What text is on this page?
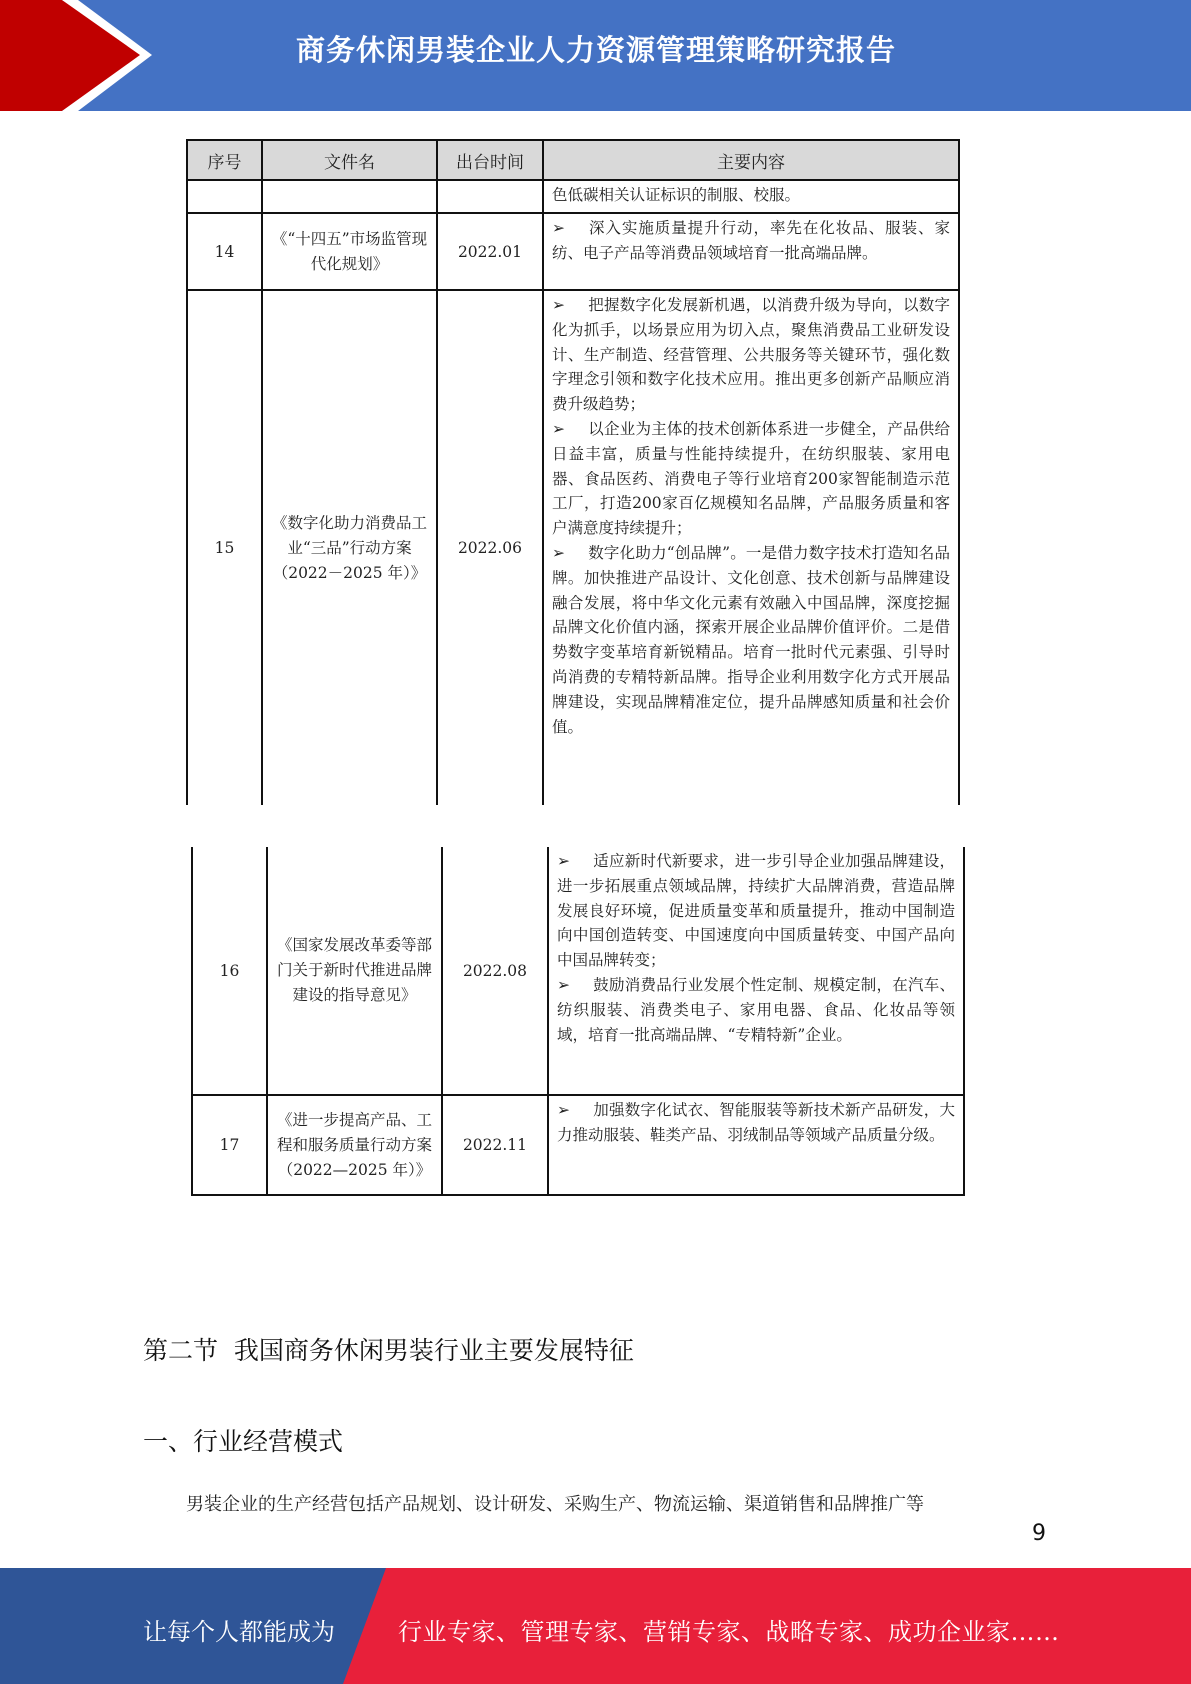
商务休闲男装企业人力资源管理策略研究报告
序号	文件名	出台时间	主要内容
			色低碳相关认证标识的制服、校服。
14	《“十四五”市场监管现代化规划》	2022.01	➢ 深入实施质量提升行动，率先在化妆品、服装、家纺、电子产品等消费品领域培育一批高端品牌。

15	《数字化助力消费品工业“三品”行动方案（2022－2025 年）》	2022.06	➢ 把握数字化发展新机遇，以消费升级为导向，以数字化为抓手，以场景应用为切入点，聚焦消费品工业研发设计、生产制造、经营管理、公共服务等关键环节，强化数字理念引领和数字化技术应用。推出更多创新产品顺应消费升级趋势；
➢ 以企业为主体的技术创新体系进一步健全，产品供给日益丰富，质量与性能持续提升，在纺织服装、家用电器、食品医药、消费电子等行业培育200家智能制造示范工厂，打造200家百亿规模知名品牌，产品服务质量和客户满意度持续提升；
➢ 数字化助力“创品牌”。一是借力数字技术打造知名品牌。加快推进产品设计、文化创意、技术创新与品牌建设融合发展，将中华文化元素有效融入中国品牌，深度挖掘品牌文化价值内涵，探索开展企业品牌价值评价。二是借势数字变革培育新锐精品。培育一批时代元素强、引导时尚消费的专精特新品牌。指导企业利用数字化方式开展品牌建设，实现品牌精准定位，提升品牌感知质量和社会价值。
16	《国家发展改革委等部门关于新时代推进品牌建设的指导意见》	2022.08	➢ 适应新时代新要求，进一步引导企业加强品牌建设，进一步拓展重点领域品牌，持续扩大品牌消费，营造品牌发展良好环境，促进质量变革和质量提升，推动中国制造向中国创造转变、中国速度向中国质量转变、中国产品向中国品牌转变；
➢ 鼓励消费品行业发展个性定制、规模定制，在汽车、纺织服装、消费类电子、家用电器、食品、化妆品等领域，培育一批高端品牌、“专精特新”企业。

17	《进一步提高产品、工程和服务质量行动方案（2022—2025 年）》	2022.11	➢ 加强数字化试衣、智能服装等新技术新产品研发，大力推动服装、鞋类产品、羽绒制品等领域产品质量分级。
第二节  我国商务休闲男装行业主要发展特征
一、行业经营模式
男装企业的生产经营包括产品规划、设计研发、采购生产、物流运输、渠道销售和品牌推广等
9
让每个人都能成为	行业专家、管理专家、营销专家、战略专家、成功企业家……
